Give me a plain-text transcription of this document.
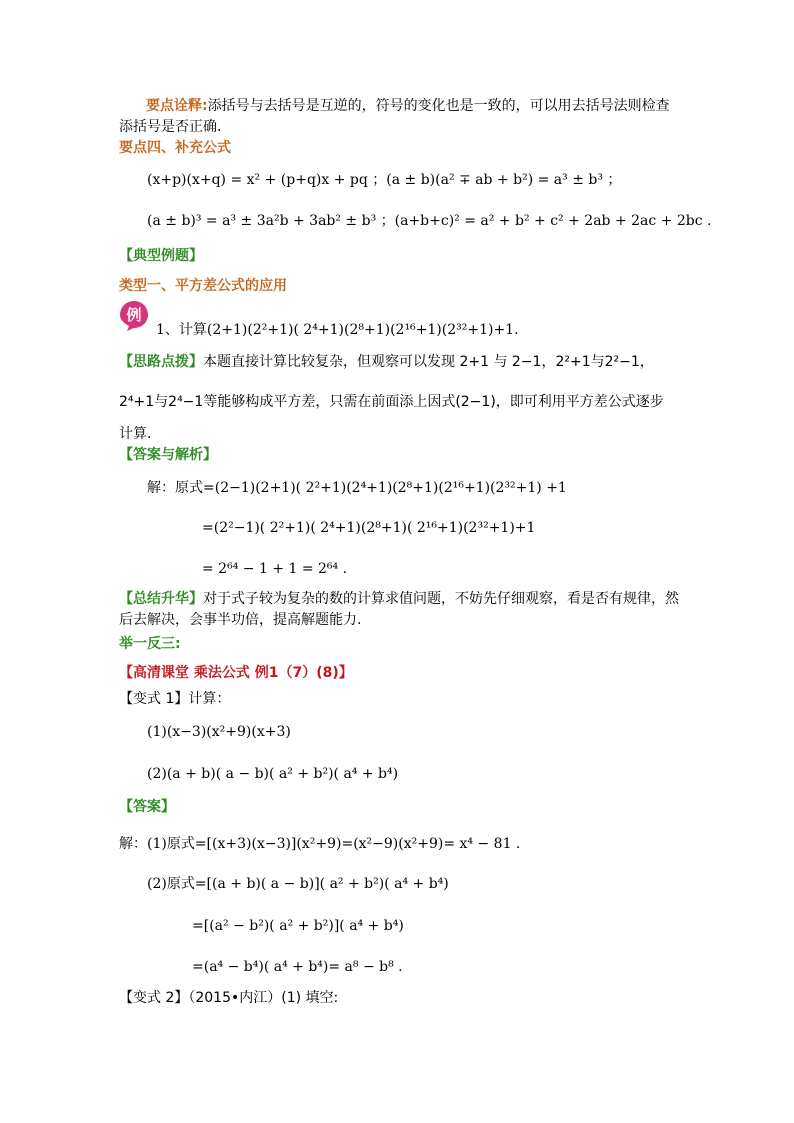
要点诠释:添括号与去括号是互逆的，符号的变化也是一致的，可以用去括号法则检查
添括号是否正确.
要点四、补充公式
(x+p)(x+q) = x² + (p+q)x + pq ；(a ± b)(a² ∓ ab + b²) = a³ ± b³ ；
(a ± b)³ = a³ ± 3a²b + 3ab² ± b³ ；(a+b+c)² = a² + b² + c² + 2ab + 2ac + 2bc .
【典型例题】
类型一、平方差公式的应用
例
1、计算(2+1)(2²+1)( 2⁴+1)(2⁸+1)(2¹⁶+1)(2³²+1)+1.
【思路点拨】本题直接计算比较复杂，但观察可以发现 2+1 与 2−1，2²+1与2²−1，
2⁴+1与2⁴−1等能够构成平方差，只需在前面添上因式(2−1)，即可利用平方差公式逐步
计算.
【答案与解析】
解：原式=(2−1)(2+1)( 2²+1)(2⁴+1)(2⁸+1)(2¹⁶+1)(2³²+1) +1
=(2²−1)( 2²+1)( 2⁴+1)(2⁸+1)( 2¹⁶+1)(2³²+1)+1
= 2⁶⁴ − 1 + 1 = 2⁶⁴ .
【总结升华】对于式子较为复杂的数的计算求值问题，不妨先仔细观察，看是否有规律，然
后去解决，会事半功倍，提高解题能力.
举一反三:
【高清课堂 乘法公式 例1（7）(8)】
【变式 1】计算：
(1)(x−3)(x²+9)(x+3)
(2)(a + b)( a − b)( a² + b²)( a⁴ + b⁴)
【答案】
解：(1)原式=[(x+3)(x−3)](x²+9)=(x²−9)(x²+9)= x⁴ − 81 .
(2)原式=[(a + b)( a − b)]( a² + b²)( a⁴ + b⁴)
=[(a² − b²)( a² + b²)]( a⁴ + b⁴)
=(a⁴ − b⁴)( a⁴ + b⁴)= a⁸ − b⁸ .
【变式 2】（2015•内江）(1) 填空:
